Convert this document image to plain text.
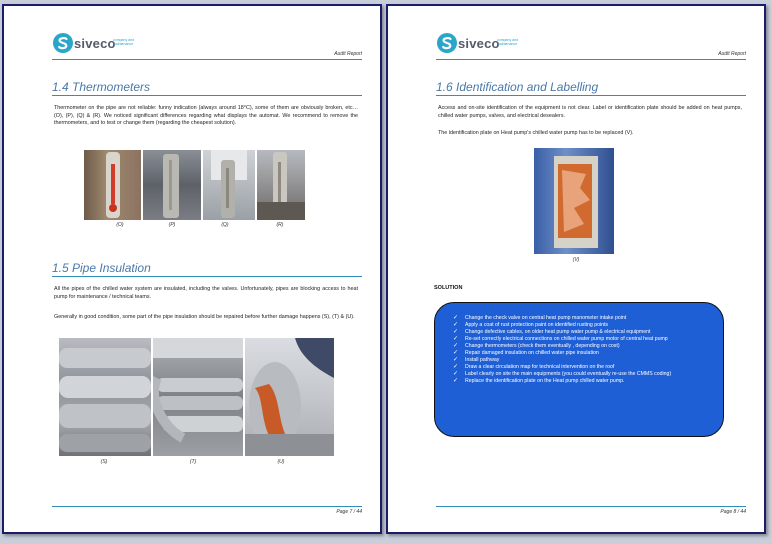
siveco
company and maintenance
Audit Report
1.4 Thermometers

Thermometer on the pipe are not reliable: funny indication (always around 18°C), some of them are obviously broken, etc… (O), (P), (Q) & (R). We noticed significant differences regarding what displays the automat. We recommend to remove the thermometers, and to test or change them (regarding the cheapest solution).

(O)	(P)	(Q)	(R)
1.5 Pipe Insulation

All the pipes of the chilled water system are insulated, including the valves. Unfortunately, pipes are blocking access to heat pump for maintenance / technical teams.

Generally in good condition, some part of the pipe insulation should be repaired before further damage happens (S), (T) & (U).

(S)	(T)	(U)
Page 7 / 44
siveco
company and maintenance
Audit Report
1.6 Identification and Labelling

Access and on-site identification of the equipment is not clear. Label or identification plate should be added on heat pumps, chilled water pumps, valves, and electrical desealers.

The identification plate on Heat pump's chilled water pump has to be replaced (V).

(V)
SOLUTION
✓ Change the check valve on central heat pump manometer intake point
✓ Apply a coat of rust protection paint on identified rusting points
✓ Change defective cables, on older heat pump water pump & electrical equipment
✓ Re-set correctly electrical connections on chilled water pump motor of central heat pump
✓ Change thermometers (check them eventually , depending on cost)
✓ Repair damaged insulation on chilled water pipe insulation
✓ Install pathway
✓ Draw a clear circulation map for technical intervention on the roof
✓ Label clearly on site the main equipments (you could eventually re-use the CMMS coding)
✓ Replace the identification plate on the Heat pump chilled water pump.
Page 8 / 44
